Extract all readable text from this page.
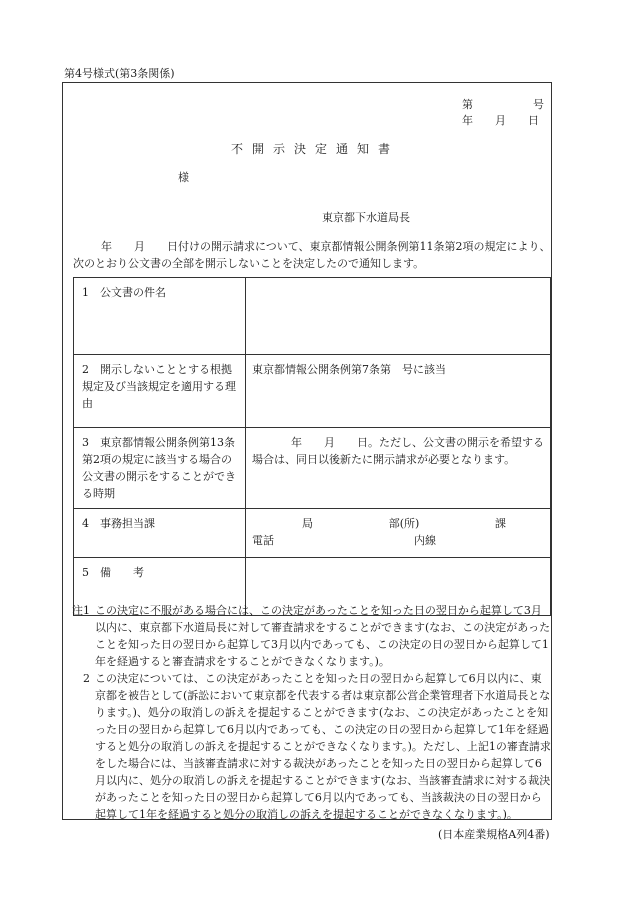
第4号様式(第3条関係)
第	号
年 月 日
不開示決定通知書
様
東京都下水道局長
年　　月　　日付けの開示請求について、東京都情報公開条例第11条第2項の規定により、次のとおり公文書の全部を開示しないことを決定したので通知します。
1　公文書の件名	
2　開示しないこととする根拠規定及び当該規定を適用する理由	東京都情報公開条例第7条第　号に該当
3　東京都情報公開条例第13条第2項の規定に該当する場合の公文書の開示をすることができる時期	　年　　月　　日。ただし、公文書の開示を希望する場合は、同日以後新たに開示請求が必要となります。
4　事務担当課	局 部(所) 課
電話 内線

5　備　　考	
注1 この決定に不服がある場合には、この決定があったことを知った日の翌日から起算して3月以内に、東京都下水道局長に対して審査請求をすることができます(なお、この決定があったことを知った日の翌日から起算して3月以内であっても、この決定の日の翌日から起算して1年を経過すると審査請求をすることができなくなります。)。
2 この決定については、この決定があったことを知った日の翌日から起算して6月以内に、東京都を被告として(訴訟において東京都を代表する者は東京都公営企業管理者下水道局長となります。)、処分の取消しの訴えを提起することができます(なお、この決定があったことを知った日の翌日から起算して6月以内であっても、この決定の日の翌日から起算して1年を経過すると処分の取消しの訴えを提起することができなくなります。)。ただし、上記1の審査請求をした場合には、当該審査請求に対する裁決があったことを知った日の翌日から起算して6月以内に、処分の取消しの訴えを提起することができます(なお、当該審査請求に対する裁決があったことを知った日の翌日から起算して6月以内であっても、当該裁決の日の翌日から起算して1年を経過すると処分の取消しの訴えを提起することができなくなります。)。
(日本産業規格A列4番)
